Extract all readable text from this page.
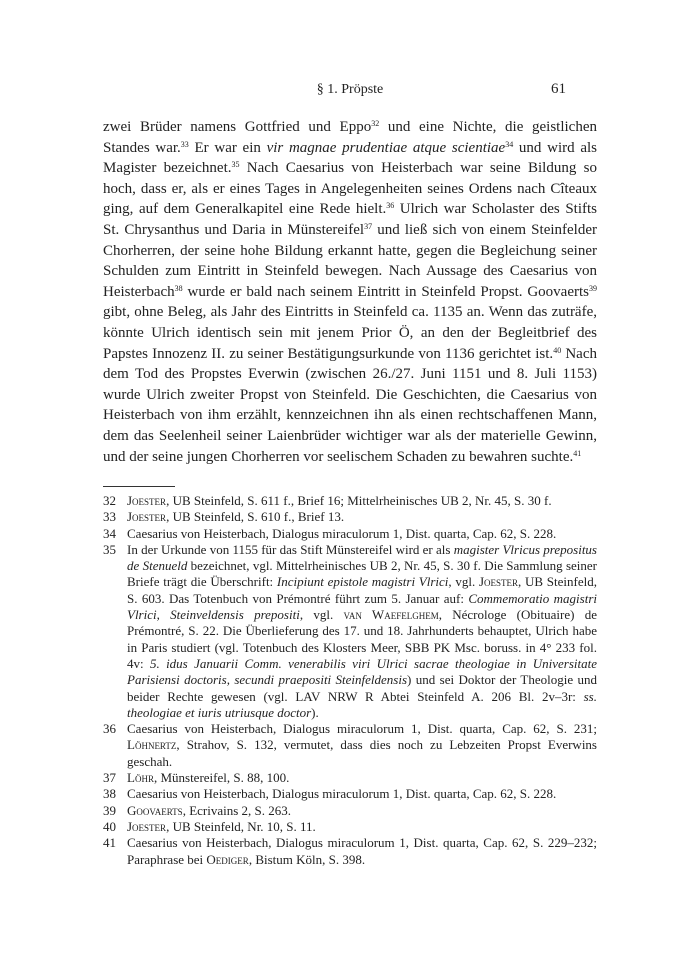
§ 1. Pröpste	61

zwei Brüder namens Gottfried und Eppo$^{32}$ und eine Nichte, die geistlichen Standes war.$^{33}$ Er war ein vir magnae prudentiae atque scientiae$^{34}$ und wird als Magister bezeichnet.$^{35}$ Nach Caesarius von Heisterbach war seine Bildung so hoch, dass er, als er eines Tages in Angelegenheiten seines Ordens nach Cîteaux ging, auf dem Generalkapitel eine Rede hielt.$^{36}$ Ulrich war Scholaster des Stifts St. Chrysanthus und Daria in Münstereifel$^{37}$ und ließ sich von einem Steinfelder Chorherren, der seine hohe Bildung erkannt hatte, gegen die Begleichung seiner Schulden zum Eintritt in Steinfeld bewegen. Nach Aussage des Caesarius von Heisterbach$^{38}$ wurde er bald nach seinem Eintritt in Steinfeld Propst. Goovaerts$^{39}$ gibt, ohne Beleg, als Jahr des Eintritts in Steinfeld ca. 1135 an. Wenn das zuträfe, könnte Ulrich identisch sein mit jenem Prior Ö, an den der Begleitbrief des Papstes Innozenz II. zu seiner Bestätigungsurkunde von 1136 gerichtet ist.$^{40}$ Nach dem Tod des Propstes Everwin (zwischen 26./27. Juni 1151 und 8. Juli 1153) wurde Ulrich zweiter Propst von Steinfeld. Die Geschichten, die Caesarius von Heisterbach von ihm erzählt, kennzeichnen ihn als einen rechtschaffenen Mann, dem das Seelenheil seiner Laienbrüder wichtiger war als der materielle Gewinn, und der seine jungen Chorherren vor seelischem Schaden zu bewahren suchte.$^{41}$

32 Joester, UB Steinfeld, S. 611 f., Brief 16; Mittelrheinisches UB 2, Nr. 45, S. 30 f.
33 Joester, UB Steinfeld, S. 610 f., Brief 13.
34 Caesarius von Heisterbach, Dialogus miraculorum 1, Dist. quarta, Cap. 62, S. 228.
35 In der Urkunde von 1155 für das Stift Münstereifel wird er als magister Vlricus prepositus de Stenueld bezeichnet, vgl. Mittelrheinisches UB 2, Nr. 45, S. 30 f. Die Sammlung seiner Briefe trägt die Überschrift: Incipiunt epistole magistri Vlrici, vgl. Joester, UB Steinfeld, S. 603. Das Totenbuch von Prémontré führt zum 5. Januar auf: Commemoratio magistri Vlrici, Steinveldensis prepositi, vgl. van Waefelghem, Nécrologe (Obituaire) de Prémontré, S. 22. Die Überlieferung des 17. und 18. Jahrhunderts behauptet, Ulrich habe in Paris studiert (vgl. Totenbuch des Klosters Meer, SBB PK Msc. boruss. in 4° 233 fol. 4v: 5. idus Januarii Comm. venerabilis viri Ulrici sacrae theologiae in Universitate Parisiensi doctoris, secundi praepositi Steinfeldensis) und sei Doktor der Theologie und beider Rechte gewesen (vgl. LAV NRW R Abtei Steinfeld A. 206 Bl. 2v–3r: ss. theologiae et iuris utriusque doctor).
36 Caesarius von Heisterbach, Dialogus miraculorum 1, Dist. quarta, Cap. 62, S. 231; Löhnertz, Strahov, S. 132, vermutet, dass dies noch zu Lebzeiten Propst Everwins geschah.
37 Löhr, Münstereifel, S. 88, 100.
38 Caesarius von Heisterbach, Dialogus miraculorum 1, Dist. quarta, Cap. 62, S. 228.
39 Goovaerts, Ecrivains 2, S. 263.
40 Joester, UB Steinfeld, Nr. 10, S. 11.
41 Caesarius von Heisterbach, Dialogus miraculorum 1, Dist. quarta, Cap. 62, S. 229–232; Paraphrase bei Oediger, Bistum Köln, S. 398.
